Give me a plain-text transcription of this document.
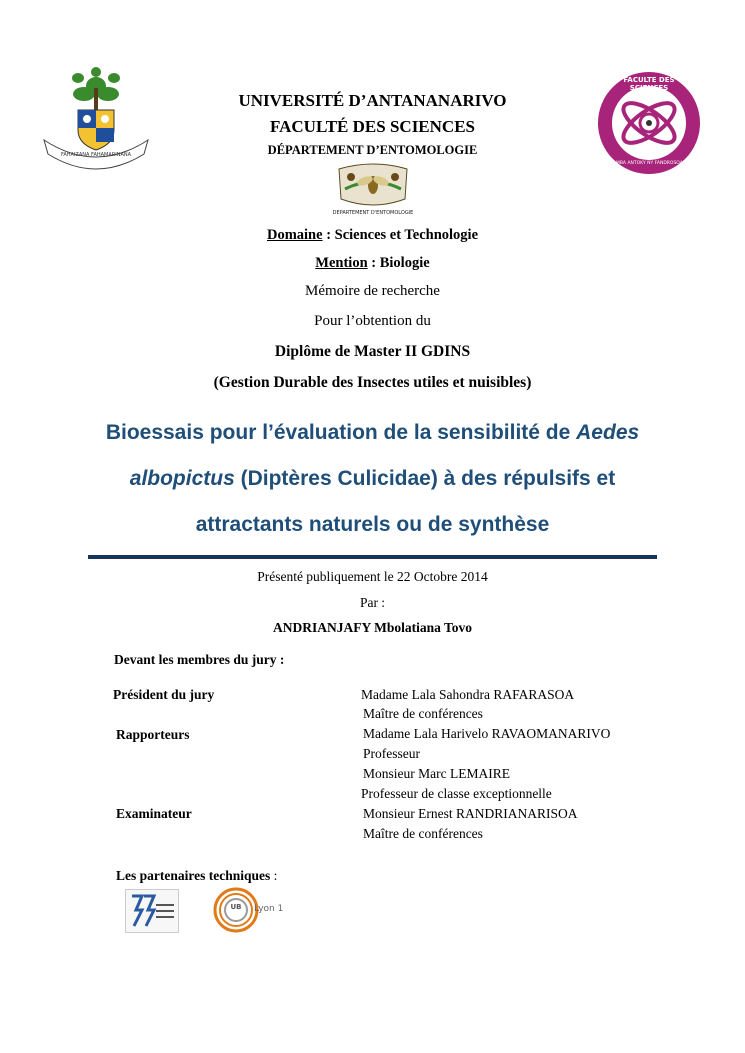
FAHAIZANA FAHAMARINANA
FACULTE DES SCIENCES
SIAMBA ANTOKY NY FANDROSOANA
UNIVERSITÉ D’ANTANANARIVO
FACULTÉ DES SCIENCES
DÉPARTEMENT D’ENTOMOLOGIE
DEPARTEMENT D'ENTOMOLOGIE
Domaine : Sciences et Technologie
Mention : Biologie
Mémoire de recherche
Pour l’obtention du
Diplôme de Master II GDINS
(Gestion Durable des Insectes utiles et nuisibles)
Bioessais pour l’évaluation de la sensibilité de Aedes
albopictus (Diptères Culicidae) à des répulsifs et
attractants naturels ou de synthèse
Présenté publiquement le 22 Octobre 2014
Par :
ANDRIANJAFY Mbolatiana Tovo
Devant les membres du jury :
Président du jury	Madame Lala Sahondra RAFARASOA
Maître de conférences
Rapporteurs	Madame Lala Harivelo RAVAOMANARIVO
Professeur
Monsieur Marc LEMAIRE
Professeur de classe exceptionnelle
Examinateur	Monsieur Ernest RANDRIANARISOA
Maître de conférences
Les partenaires techniques :
UB	Lyon 1
